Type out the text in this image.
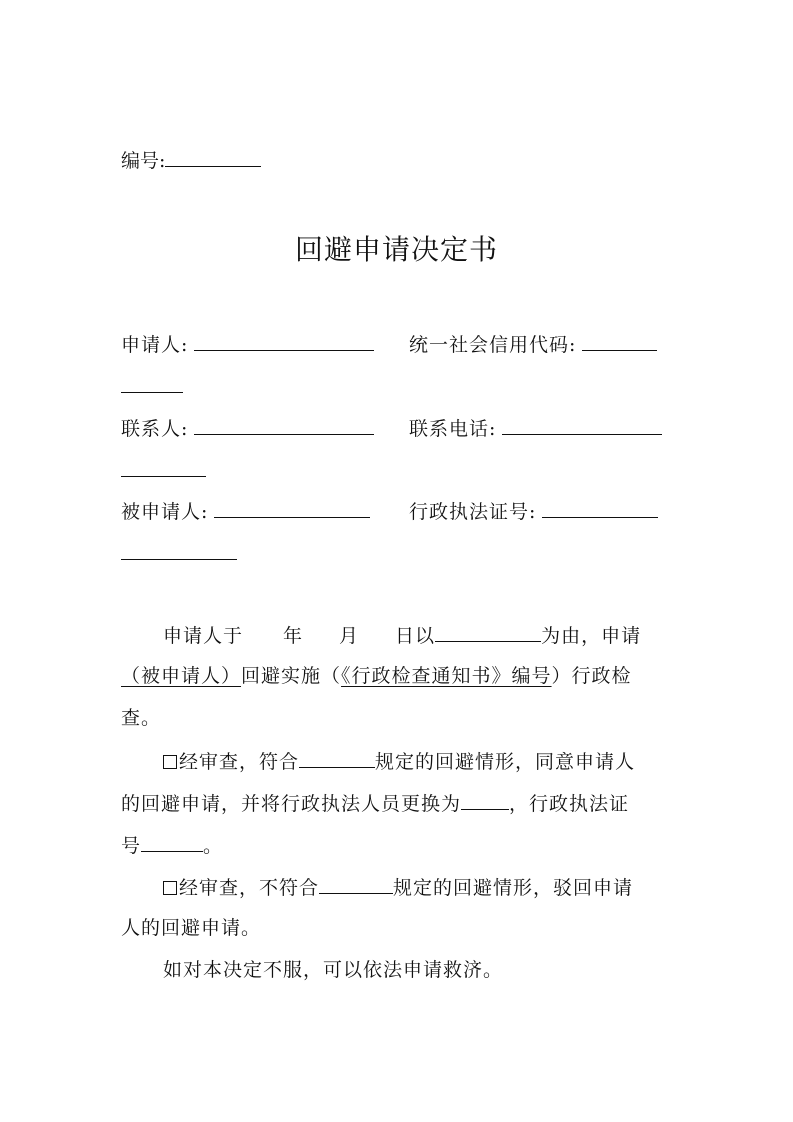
编号:
回避申请决定书
申请人:	统一社会信用代码:
联系人:	联系电话:
被申请人:	行政执法证号:
申请人于 年 月 日以	为由，申请
（被申请人）回避实施（《行政检查通知书》编号）行政检
查。
经审查，符合	规定的回避情形，同意申请人
的回避申请，并将行政执法人员更换为	，行政执法证
号	。
经审查，不符合	规定的回避情形，驳回申请
人的回避申请。
如对本决定不服，可以依法申请救济。
